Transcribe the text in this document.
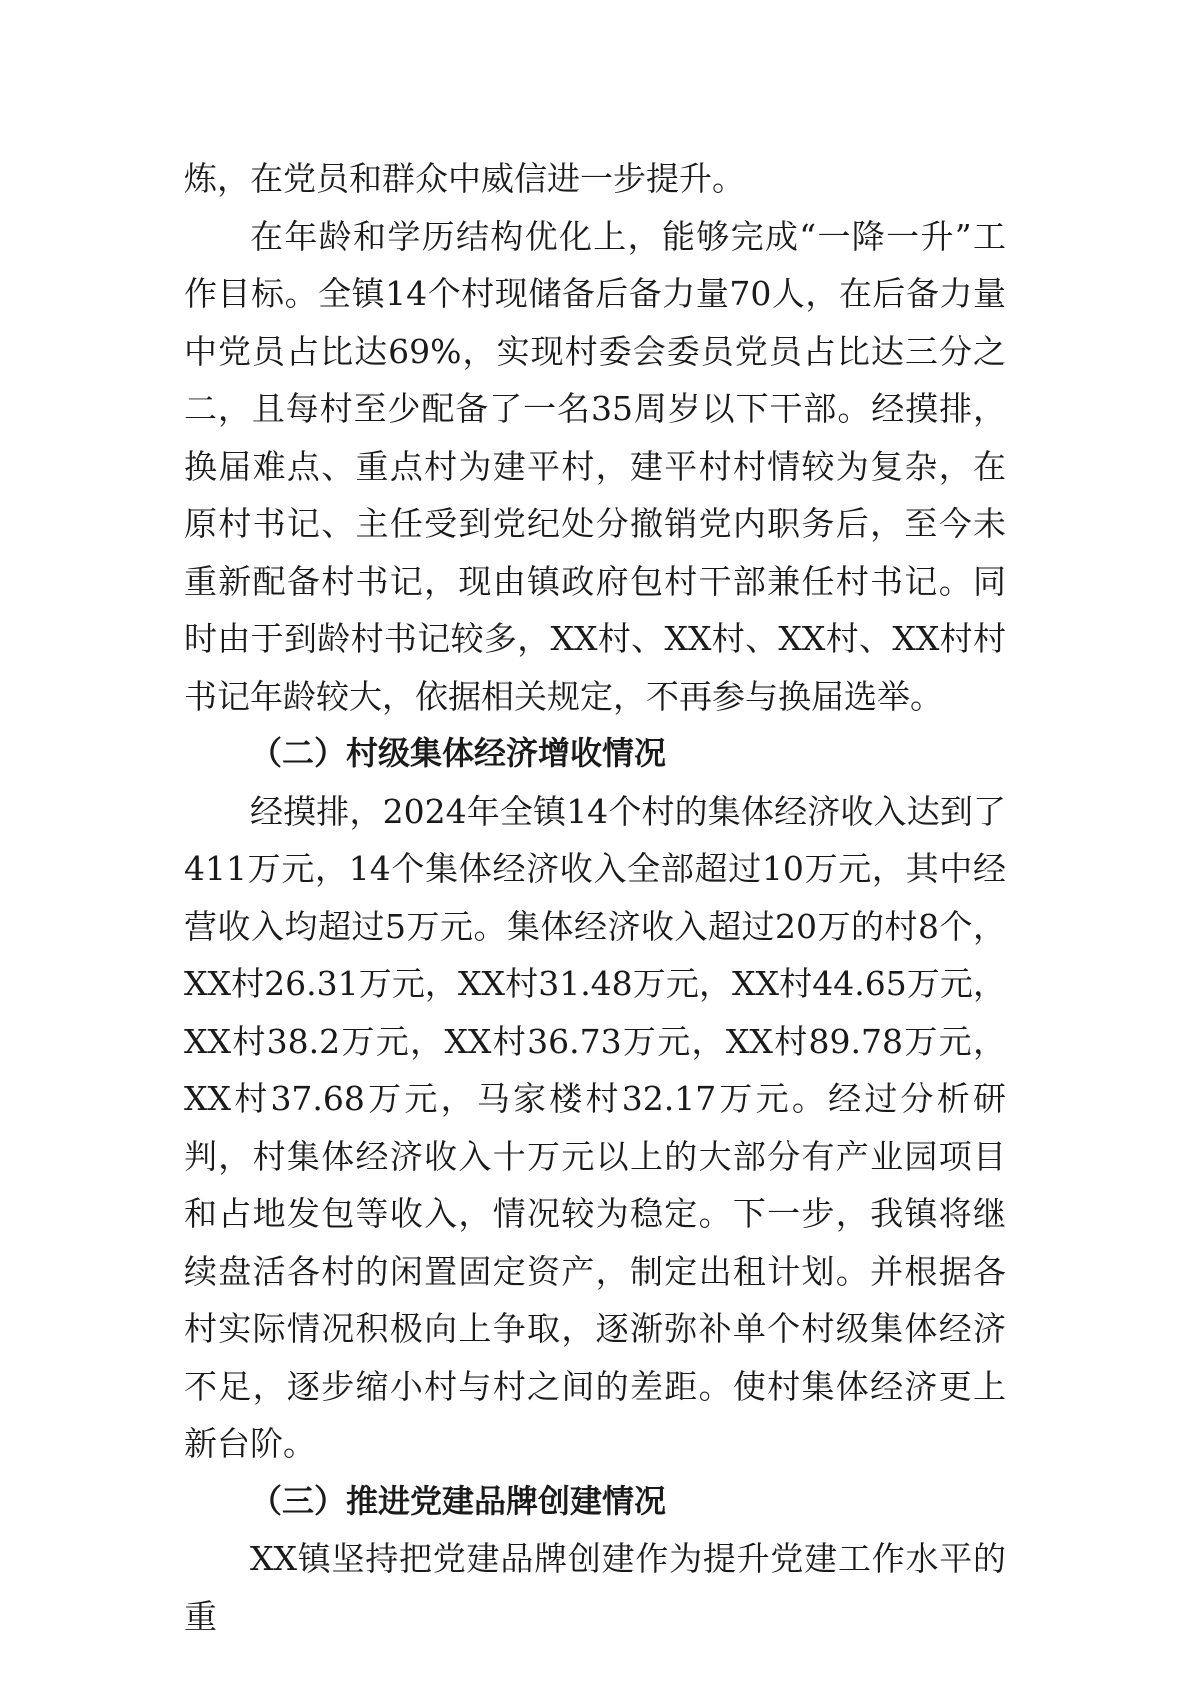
炼，在党员和群众中威信进一步提升。

在年龄和学历结构优化上，能够完成“一降一升”工作目标。全镇14个村现储备后备力量70人，在后备力量中党员占比达69%，实现村委会委员党员占比达三分之二，且每村至少配备了一名35周岁以下干部。经摸排，换届难点、重点村为建平村，建平村村情较为复杂，在原村书记、主任受到党纪处分撤销党内职务后，至今未重新配备村书记，现由镇政府包村干部兼任村书记。同时由于到龄村书记较多，XX村、XX村、XX村、XX村村书记年龄较大，依据相关规定，不再参与换届选举。

（二）村级集体经济增收情况

经摸排，2024年全镇14个村的集体经济收入达到了411万元，14个集体经济收入全部超过10万元，其中经营收入均超过5万元。集体经济收入超过20万的村8个，XX村26.31万元，XX村31.48万元，XX村44.65万元，XX村38.2万元，XX村36.73万元，XX村89.78万元，XX村37.68万元，马家楼村32.17万元。经过分析研判，村集体经济收入十万元以上的大部分有产业园项目和占地发包等收入，情况较为稳定。下一步，我镇将继续盘活各村的闲置固定资产，制定出租计划。并根据各村实际情况积极向上争取，逐渐弥补单个村级集体经济不足，逐步缩小村与村之间的差距。使村集体经济更上新台阶。

（三）推进党建品牌创建情况

XX镇坚持把党建品牌创建作为提升党建工作水平的重
